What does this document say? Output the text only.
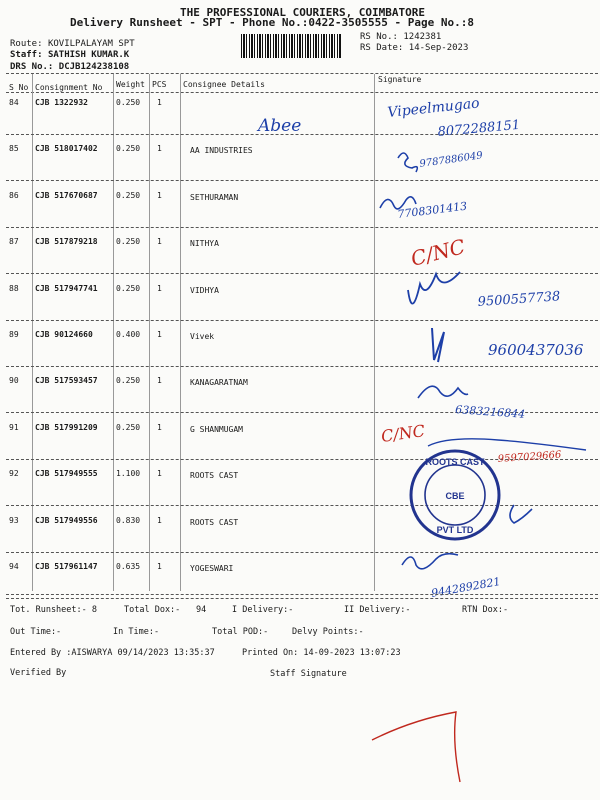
THE PROFESSIONAL COURIERS, COIMBATORE
Delivery Runsheet - SPT - Phone No.:0422-3505555 - Page No.:8
Route: KOVILPALAYAM SPT
Staff: SATHISH KUMAR.K
DRS No.: DCJB124238108
RS No.: 1242381
RS Date: 14-Sep-2023
S No Consignment No Weight PCS Consignee Details
Signature
84 CJB 1322932	0.250 1
85 CJB 518017402 0.250 1	AA INDUSTRIES
86 CJB 517670687 0.250 1	SETHURAMAN
87 CJB 517879218 0.250 1	NITHYA
88 CJB 517947741 0.250 1	VIDHYA
89 CJB 90124660	0.400 1	Vivek
90 CJB 517593457 0.250 1	KANAGARATNAM
91 CJB 517991209 0.250 1	G SHANMUGAM
92 CJB 517949555 1.100 1	ROOTS CAST
93 CJB 517949556 0.830 1	ROOTS CAST
94 CJB 517961147 0.635 1	YOGESWARI
Abee
Vipeelmugao
8072288151
9787886049
7708301413
C/NC
9500557738
9600437036
6383216844
C/NC
9597029666
9442892821
ROOTS CAST
PVT LTD
CBE
Tot. Runsheet:- 8	Total Dox:- 94	I Delivery:-	II Delivery:-	RTN Dox:-
Out Time:-	In Time:-	Total POD:-	Delvy Points:-
Entered By :AISWARYA 09/14/2023 13:35:37	Printed On: 14-09-2023 13:07:23
Verified By	Staff Signature
